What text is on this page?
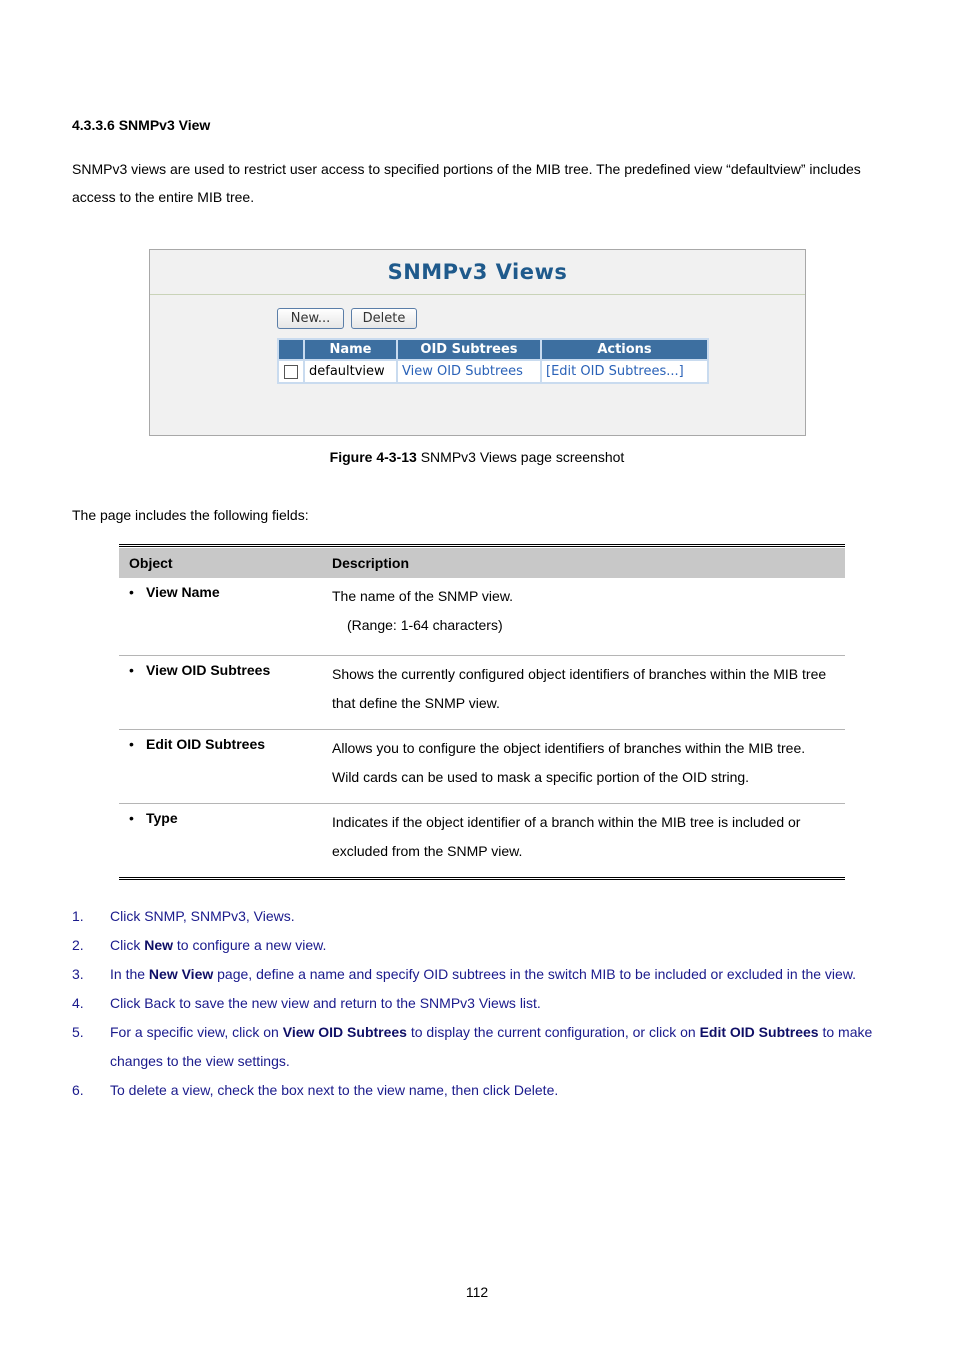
4.3.3.6 SNMPv3 View
SNMPv3 views are used to restrict user access to specified portions of the MIB tree. The predefined view “defaultview” includes access to the entire MIB tree.
SNMPv3 Views
New...	Delete
	Name	OID Subtrees	Actions
	defaultview	View OID Subtrees	[Edit OID Subtrees...]
Figure 4-3-13 SNMPv3 Views page screenshot
The page includes the following fields:
Object	Description
• View Name	The name of the SNMP view.
(Range: 1-64 characters)

• View OID Subtrees	Shows the currently configured object identifiers of branches within the MIB tree that define the SNMP view.

• Edit OID Subtrees	Allows you to configure the object identifiers of branches within the MIB tree.
Wild cards can be used to mask a specific portion of the OID string.

• Type	Indicates if the object identifier of a branch within the MIB tree is included or excluded from the SNMP view.
1.	Click SNMP, SNMPv3, Views.
2.	Click New to configure a new view.
3.	In the New View page, define a name and specify OID subtrees in the switch MIB to be included or excluded in the view.
4.	Click Back to save the new view and return to the SNMPv3 Views list.
5.	For a specific view, click on View OID Subtrees to display the current configuration, or click on Edit OID Subtrees to make changes to the view settings.
6.	To delete a view, check the box next to the view name, then click Delete.
112
